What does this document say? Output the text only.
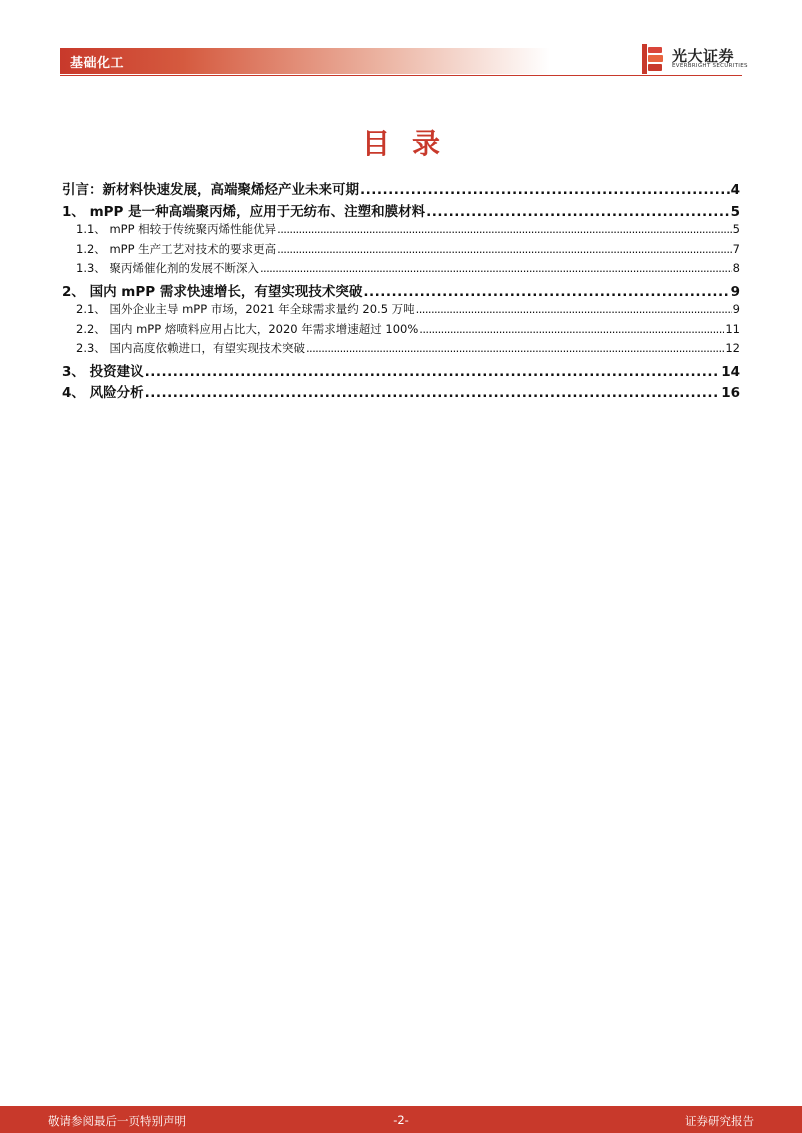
基础化工	光大证券
EVERBRIGHT SECURITIES
目录
引言：新材料快速发展，高端聚烯烃产业未来可期 .....	4
1、 mPP 是一种高端聚丙烯，应用于无纺布、注塑和膜材料 .....	5
1.1、 mPP 相较于传统聚丙烯性能优异 .....	5
1.2、 mPP 生产工艺对技术的要求更高 .....	7
1.3、 聚丙烯催化剂的发展不断深入 .....	8
2、 国内 mPP 需求快速增长，有望实现技术突破 .....	9
2.1、 国外企业主导 mPP 市场，2021 年全球需求量约 20.5 万吨 .....	9
2.2、 国内 mPP 熔喷料应用占比大，2020 年需求增速超过 100% .....	11
2.3、 国内高度依赖进口，有望实现技术突破 .....	12
3、 投资建议 .....	14
4、 风险分析 .....	16
敬请参阅最后一页特别声明	-2-	证券研究报告
